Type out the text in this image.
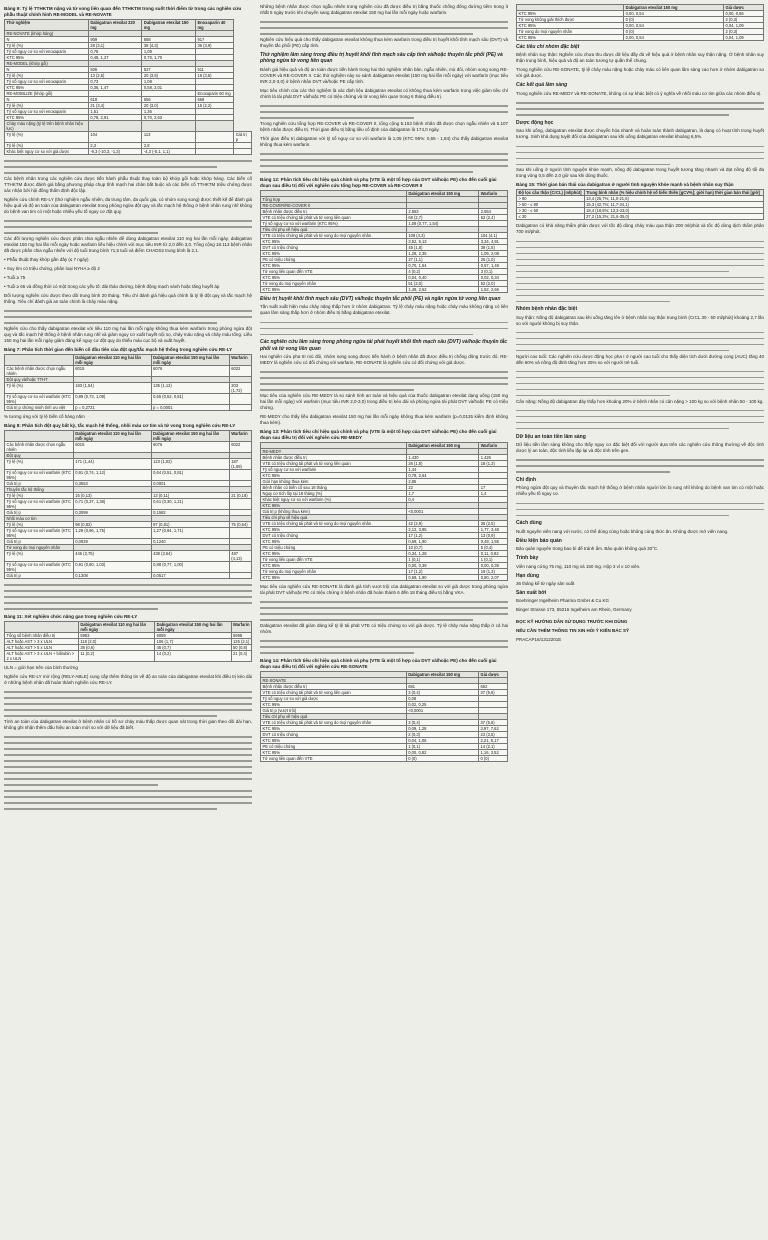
Bảng 9: Tỷ lệ TTHKTM nặng và tử vong liên quan đến TTHKTM trong suốt thời điểm từ trong các nghiên cứu phẫu thuật chính hình RE-MODEL và RE-NOVATE
Thử nghiệm	Dabigatran etexilat 220 mg	Dabigatran etexilat 150 mg	Enoxaparin 40 mg	
RE-NOVATE (khớp háng)				
N	909	888	917	
Tỷ lệ (%)	28 (3,1)	38 (4,3)	36 (3,9)	
Tỷ số nguy cơ so với enoxaparin	0,78	1,09		
KTC 95%	0,48, 1,27	0,70, 1,70		
RE-MODEL (khớp gối)				
N	506	527	511	
Tỷ lệ (%)	13 (2,6)	20 (3,8)	18 (3,5)	
Tỷ số nguy cơ so với enoxaparin	0,73	1,08		
KTC 95%	0,36, 1,47	0,58, 2,01		
RE-MOBILIZE (khớp gối)			Enoxaparin 60 mg	
N	618	656	668	
Tỷ lệ (%)	21 (3,4)	20 (3,0)	15 (2,2)	
Tỷ số nguy cơ so với enoxaparin	1,51	1,36		
KTC 95%	0,78, 2,91	0,70, 2,63		
Chảy máu nặng (tỷ lệ trên bệnh nhân hiệu lực)				
Tỷ lệ (%)	104	113		Giá trị p
Tỷ lệ (%)	2,3	2,8		
Khác biệt nguy cơ so với giả dược	-9,3 (-10,3, -1,3)	-4,3 (-5,1, 1,1)		

Các bệnh nhân trong các nghiên cứu được tiến hành phẫu thuật thay toàn bộ khớp gối hoặc khớp háng. Các biến cố TTHKTM được đánh giá bằng phương pháp chụp tĩnh mạch hai chân bắt buộc và các biến cố TTHKTM triệu chứng được xác nhận bởi hội đồng thẩm định độc lập.

Nghiên cứu chính RE-LY (thử nghiệm ngẫu nhiên, đa trung tâm, đa quốc gia, có nhóm song song) được thiết kế để đánh giá hiệu quả và độ an toàn của dabigatran etexilat trong phòng ngừa đột quỵ và tắc mạch hệ thống ở bệnh nhân rung nhĩ không do bệnh van tim có một hoặc nhiều yếu tố nguy cơ đột quỵ.

Các đối tượng nghiên cứu được phân chia ngẫu nhiên để dùng dabigatran etexilat 110 mg hai lần mỗi ngày, dabigatran etexilat 150 mg hai lần mỗi ngày hoặc warfarin liều hiệu chỉnh với mục tiêu INR từ 2,0 đến 3,0. Tổng cộng 18.113 bệnh nhân đã được phân chia ngẫu nhiên với độ tuổi trung bình 71,5 tuổi và điểm CHADS2 trung bình là 2,1.

• Phẫu thuật thay khớp gần đây (≤ 7 ngày)

• Suy tim có triệu chứng, phân loại NYHA ≥ độ 2

• Tuổi ≥ 75

• Tuổi ≥ 65 và đồng thời có một trong các yếu tố: đái tháo đường, bệnh động mạch vành hoặc tăng huyết áp

Đối tượng nghiên cứu được theo dõi trung bình 20 tháng. Tiêu chí đánh giá hiệu quả chính là tỷ lệ đột quỵ và tắc mạch hệ thống. Tiêu chí đánh giá an toàn chính là chảy máu nặng.

Nghiên cứu cho thấy dabigatran etexilat với liều 110 mg hai lần mỗi ngày không thua kém warfarin trong phòng ngừa đột quỵ và tắc mạch hệ thống ở bệnh nhân rung nhĩ và giảm nguy cơ xuất huyết nội sọ, chảy máu nặng và chảy máu tổng. Liều 150 mg hai lần mỗi ngày giảm đáng kể nguy cơ đột quỵ do thiếu máu cục bộ và xuất huyết.

Bảng 7: Phân tích thời gian đến biến cố đầu tiên của đột quỵ/tắc mạch hệ thống trong nghiên cứu RE-LY
	Dabigatran etexilat 110 mg hai lần mỗi ngày	Dabigatran etexilat 150 mg hai lần mỗi ngày	Warfarin
Các bệnh nhân được chọn ngẫu nhiên	6015	6076	6022
Đột quỵ và/hoặc TTHT			
Tỷ lệ (%)	183 (1,54)	135 (1,12)	203 (1,72)
Tỷ số nguy cơ so với warfarin (KTC 95%)	0,89 (0,73, 1,09)	0,65 (0,52, 0,81)	
Giá trị p chứng minh tính ưu việt	p = 0,2721	p = 0,0001	

% tương ứng với tỷ lệ biến cố hàng năm

Bảng 8: Phân tích đột quỵ bất kỳ, tắc mạch hệ thống, nhồi máu cơ tim và tử vong trong nghiên cứu RE-LY
	Dabigatran etexilat 110 mg hai lần mỗi ngày	Dabigatran etexilat 150 mg hai lần mỗi ngày	Warfarin
Các bệnh nhân được chọn ngẫu nhiên	6015	6076	6022
Đột quỵ			
Tỷ lệ (%)	171 (1,44)	123 (1,02)	187 (1,59)
Tỷ số nguy cơ so với warfarin (KTC 95%)	0,91 (0,74, 1,12)	0,64 (0,51, 0,81)	
Giá trị p	0,3553	0,0001	
Thuyên tắc hệ thống			
Tỷ lệ (%)	15 (0,13)	13 (0,11)	21 (0,18)
Tỷ số nguy cơ so với warfarin (KTC 95%)	0,71 (0,37, 1,38)	0,61 (0,30, 1,21)	
Giá trị p	0,3099	0,1582	
Nhồi máu cơ tim			
Tỷ lệ (%)	98 (0,82)	97 (0,81)	75 (0,64)
Tỷ số nguy cơ so với warfarin (KTC 95%)	1,29 (0,96, 1,75)	1,27 (0,94, 1,71)	
Giá trị p	0,0929	0,1240	
Tử vong do mọi nguyên nhân			
Tỷ lệ (%)	446 (3,75)	438 (3,64)	487 (4,13)
Tỷ số nguy cơ so với warfarin (KTC 95%)	0,91 (0,80, 1,03)	0,88 (0,77, 1,00)	
Giá trị p	0,1308	0,0517	
Bảng 11: Xét nghiệm chức năng gan trong nghiên cứu RE-LY
	Dabigatran etexilat 110 mg hai lần mỗi ngày	Dabigatran etexilat 150 mg hai lần mỗi ngày	Warfarin
Tổng số bệnh nhân điều trị	5983	6059	5998
ALT hoặc AST > 3 x ULN	118 (2,0)	106 (1,7)	125 (2,1)
ALT hoặc AST > 5 x ULN	36 (0,6)	45 (0,7)	50 (0,8)
ALT hoặc AST > 3 x ULN + bilirubin > 2 x ULN	11 (0,2)	14 (0,2)	21 (0,4)

ULN = giới hạn trên của bình thường

Nghiên cứu RE-LY mở rộng (RELY-ABLE) cung cấp thêm thông tin về độ an toàn của dabigatran etexilat khi điều trị kéo dài ở những bệnh nhân đã hoàn thành nghiên cứu RE-LY.

Tính an toàn của dabigatran etexilat ở bệnh nhân có hồ sơ chảy máu thấp được quan sát trong thời gian theo dõi dài hạn, không ghi nhận thêm dấu hiệu an toàn mới so với dữ liệu đã biết.

Những bệnh nhân được chọn ngẫu nhiên trong nghiên cứu đã được điều trị bằng thuốc chống đông đường tiêm trong ít nhất 5 ngày trước khi chuyển sang dabigatran etexilat 150 mg hai lần mỗi ngày hoặc warfarin.

Nghiên cứu hiệu quả cho thấy dabigatran etexilat không thua kém warfarin trong điều trị huyết khối tĩnh mạch sâu (DVT) và thuyên tắc phổi (PE) cấp tính.

Thử nghiệm lâm sàng trong điều trị huyết khối tĩnh mạch sâu cấp tính và/hoặc thuyên tắc phổi (PE) và phòng ngừa tử vong liên quan

Đánh giá hiệu quả và độ an toàn được tiến hành trong hai thử nghiệm nhân bản, ngẫu nhiên, mù đôi, nhóm song song RE-COVER và RE-COVER II. Các thử nghiệm này so sánh dabigatran etexilat (150 mg hai lần mỗi ngày) với warfarin (mục tiêu INR 2,0-3,0) ở bệnh nhân DVT và/hoặc PE cấp tính.

Mục tiêu chính của các thử nghiệm là xác định liệu dabigatran etexilat có không thua kém warfarin trong việc giảm tiêu chí chính là tái phát DVT và/hoặc PE có triệu chứng và tử vong liên quan trong 6 tháng điều trị.

Trong nghiên cứu tổng hợp RE-COVER và RE-COVER II, tổng cộng 5.153 bệnh nhân đã được chọn ngẫu nhiên và 5.107 bệnh nhân được điều trị. Thời gian điều trị bằng liều cố định của dabigatran là 174,0 ngày.

Thời gian điều trị dabigatran với tỷ số nguy cơ so với warfarin là 1,05 (KTC 95%: 0,65 - 1,84) cho thấy dabigatran etexilat không thua kém warfarin.

Bảng 12: Phân tích tiêu chí hiệu quả chính và phụ (VTE là một tổ hợp của DVT và/hoặc PE) cho đến cuối giai đoạn sau điều trị đối với nghiên cứu tổng hợp RE-COVER và RE-COVER II
	Dabigatran etexilat 150 mg	Warfarin
Tổng hợp		
RE-COVER/RE-COVER II		
Bệnh nhân được điều trị	2.553	2.554
VTE có triệu chứng tái phát và tử vong liên quan	68 (2,7)	62 (2,4)
Tỷ số nguy cơ so với warfarin (KTC 95%)	1,09 (0,77, 1,54)	
Tiêu chí phụ về hiệu quả		
VTE có triệu chứng tái phát và tử vong do mọi nguyên nhân	109 (4,3)	104 (4,1)
KTC 95%	3,52, 5,13	3,34, 4,91
DVT có triệu chứng	45 (1,8)	39 (1,5)
KTC 95%	1,29, 2,35	1,09, 2,08
PE có triệu chứng	27 (1,1)	26 (1,0)
KTC 95%	0,70, 1,54	0,67, 1,49
Tử vong liên quan đến VTE	4 (0,2)	3 (0,1)
KTC 95%	0,04, 0,40	0,02, 0,34
Tử vong do mọi nguyên nhân	51 (2,0)	52 (2,0)
KTC 95%	1,49, 2,62	1,52, 2,66
Điều trị huyết khối tĩnh mạch sâu (DVT) và/hoặc thuyên tắc phổi (PE) và ngăn ngừa tử vong liên quan

Tần suất xuất hiện máu chảy nặng thấp hơn ở nhóm dabigatran. Tỷ lệ chảy máu nặng hoặc chảy máu không nặng có liên quan lâm sàng thấp hơn ở nhóm điều trị bằng dabigatran etexilat.

Các nghiên cứu lâm sàng trong phòng ngừa tái phát huyết khối tĩnh mạch sâu (DVT) và/hoặc thuyên tắc phổi và tử vong liên quan

Hai nghiên cứu pha III mù đôi, nhóm song song được tiến hành ở bệnh nhân đã được điều trị chống đông trước đó. RE-MEDY là nghiên cứu có đối chứng với warfarin, RE-SONATE là nghiên cứu có đối chứng với giả dược.

Mục tiêu của nghiên cứu RE-MEDY là so sánh tính an toàn và hiệu quả của thuốc dabigatran etexilat dạng uống (150 mg hai lần mỗi ngày) với warfarin (mục tiêu INR 2,0-3,0) trong điều trị kéo dài và phòng ngừa tái phát DVT và/hoặc PE có triệu chứng.

RE-MEDY cho thấy liều dabigatran etexilat 150 mg hai lần mỗi ngày không thua kém warfarin (p=0,0135 kiểm định không thua kém).

Bảng 13: Phân tích tiêu chí hiệu quả chính và phụ (VTE là một tổ hợp của DVT và/hoặc PE) cho đến cuối giai đoạn sau điều trị đối với nghiên cứu RE-MEDY
	Dabigatran etexilat 150 mg	Warfarin
RE-MEDY		
Bệnh nhân được điều trị	1.430	1.426
VTE có triệu chứng tái phát và tử vong liên quan	26 (1,8)	18 (1,3)
Tỷ số nguy cơ so với warfarin	1,44	
KTC 95%	0,78, 2,64	
Giới hạn không thua kém	2,85	
Bệnh nhân có biến cố sau 18 tháng	22	17
Nguy cơ tích lũy tại 18 tháng (%)	1,7	1,4
Khác biệt nguy cơ so với warfarin (%)	0,4	
KTC 95%		
Giá trị p (không thua kém)	<0,0001	
Tiêu chí phụ về hiệu quả		
VTE có triệu chứng tái phát và tử vong do mọi nguyên nhân	42 (2,9)	36 (2,5)
KTC 95%	2,12, 3,95	1,77, 3,48
DVT có triệu chứng	17 (1,2)	13 (0,9)
KTC 95%	0,69, 1,90	0,49, 1,55
PE có triệu chứng	10 (0,7)	5 (0,4)
KTC 95%	0,34, 1,28	0,11, 0,82
Tử vong liên quan đến VTE	1 (0,1)	1 (0,1)
KTC 95%	0,00, 0,39	0,00, 0,39
Tử vong do mọi nguyên nhân	17 (1,2)	19 (1,3)
KTC 95%	0,69, 1,90	0,80, 2,07

Mục tiêu của nghiên cứu RE-SONATE là đánh giá tính vượt trội của dabigatran etexilat so với giả dược trong phòng ngừa tái phát DVT và/hoặc PE có triệu chứng ở bệnh nhân đã hoàn thành 6 đến 18 tháng điều trị bằng VKA.

Dabigatran etexilat đã giảm đáng kể tỷ lệ tái phát VTE có triệu chứng so với giả dược. Tỷ lệ chảy máu nặng thấp ở cả hai nhóm.

Bảng 14: Phân tích tiêu chí hiệu quả chính và phụ (VTE là một tổ hợp của DVT và/hoặc PE) cho đến cuối giai đoạn sau điều trị đối với nghiên cứu RE-SONATE
	Dabigatran etexilat 150 mg	Giả dược
RE-SONATE		
Bệnh nhân được điều trị	681	662
VTE có triệu chứng tái phát và tử vong liên quan	3 (0,4)	37 (5,6)
Tỷ số nguy cơ so với giả dược	0,08	
KTC 95%	0,02, 0,25	
Giá trị p (vượt trội)	<0,0001	
Tiêu chí phụ về hiệu quả		
VTE có triệu chứng tái phát và tử vong do mọi nguyên nhân	3 (0,4)	37 (5,6)
KTC 95%	0,09, 1,28	3,97, 7,62
DVT có triệu chứng	2 (0,3)	23 (3,5)
KTC 95%	0,04, 1,06	2,21, 5,17
PE có triệu chứng	1 (0,1)	14 (2,1)
KTC 95%	0,00, 0,82	1,16, 3,52
Tử vong liên quan đến VTE	0 (0)	0 (0)
	Dabigatran etexilat 150 mg	Giả dược
KTC 95%	0,00, 0,54	0,00, 0,56
Tử vong không giải thích được	0 (0)	2 (0,3)
KTC 95%	0,00, 0,54	0,04, 1,09
Tử vong do mọi nguyên nhân	0 (0)	2 (0,3)
KTC 95%	0,00, 0,54	0,04, 1,09
Các tiêu chí nhóm đặc biệt

Bệnh nhân suy thận: Nghiên cứu chưa thu được dữ liệu đầy đủ về hiệu quả ở bệnh nhân suy thận nặng. Ở bệnh nhân suy thận trung bình, hiệu quả và độ an toàn tương tự quần thể chung.

Trong nghiên cứu RE-SONATE, tỷ lệ chảy máu nặng hoặc chảy máu có liên quan lâm sàng cao hơn ở nhóm dabigatran so với giả dược.

Các kết quả lâm sàng

Trong nghiên cứu RE-MEDY và RE-SONATE, không có sự khác biệt có ý nghĩa về nhồi máu cơ tim giữa các nhóm điều trị.

Dược động học

Sau khi uống, dabigatran etexilat được chuyển hóa nhanh và hoàn toàn thành dabigatran, là dạng có hoạt tính trong huyết tương. Sinh khả dụng tuyệt đối của dabigatran sau khi uống dabigatran etexilat khoảng 6,5%.

Sau khi uống ở người tình nguyện khỏe mạnh, nồng độ dabigatran trong huyết tương tăng nhanh và đạt nồng độ tối đa trong vòng 0,5 đến 2,0 giờ sau khi dùng thuốc.

Bảng 15: Thời gian bán thải của dabigatran ở người tình nguyện khỏe mạnh và bệnh nhân suy thận
Độ lọc cầu thận (CrCL) [ml/phút]	Trung bình nhân (% hiệu chỉnh hệ số biến thiên [gCV%]; giới hạn) thời gian bán thải [giờ]
> 80	13,4 (25,7%; 11,0-21,6)
> 50 - ≤ 80	15,3 (42,7%; 11,7-34,1)
> 30 - ≤ 50	18,4 (18,5%; 13,3-23,0)
≤ 30	27,2 (15,3%; 21,6-35,0)

Dabigatran có khả năng thẩm phân được với tốc độ dòng chảy máu qua thận 200 ml/phút và tốc độ dòng dịch thẩm phân 700 ml/phút.

Nhóm bệnh nhân đặc biệt

Suy thận: Nồng độ dabigatran sau khi uống tăng lên ở bệnh nhân suy thận trung bình (CrCL 30 - 50 ml/phút) khoảng 2,7 lần so với người không bị suy thận.

Người cao tuổi: Các nghiên cứu dược động học pha I ở người cao tuổi cho thấy diện tích dưới đường cong (AUC) tăng 40 đến 60% và nồng độ đỉnh tăng hơn 25% so với người trẻ tuổi.

Cân nặng: Nồng độ dabigatran đáy thấp hơn khoảng 20% ở bệnh nhân có cân nặng > 100 kg so với bệnh nhân 50 - 100 kg.

Dữ liệu an toàn tiền lâm sàng

Dữ liệu tiền lâm sàng không cho thấy nguy cơ đặc biệt đối với người dựa trên các nghiên cứu thông thường về độc tính dược lý an toàn, độc tính liều lặp lại và độc tính trên gen.

Chỉ định

Phòng ngừa đột quỵ và thuyên tắc mạch hệ thống ở bệnh nhân người lớn bị rung nhĩ không do bệnh van tim có một hoặc nhiều yếu tố nguy cơ.

Cách dùng

Nuốt nguyên viên nang với nước, có thể dùng cùng hoặc không cùng thức ăn. Không được mở viên nang.

Điều kiện bảo quản

Bảo quản nguyên trong bao bì để tránh ẩm. Bảo quản không quá 30°C.

Trình bày

Viên nang cứng 75 mg, 110 mg và 150 mg. Hộp 3 vỉ x 10 viên.

Hạn dùng

36 tháng kể từ ngày sản xuất

Sản xuất bởi

Boehringer Ingelheim Pharma GmbH & Co.KG

Binger Strasse 173, 55216 Ingelheim am Rhein, Germany

ĐỌC KỸ HƯỚNG DẪN SỬ DỤNG TRƯỚC KHI DÙNG

NẾU CẦN THÊM THÔNG TIN XIN HỎI Ý KIẾN BÁC SỸ

PRACAP16/1312201E
